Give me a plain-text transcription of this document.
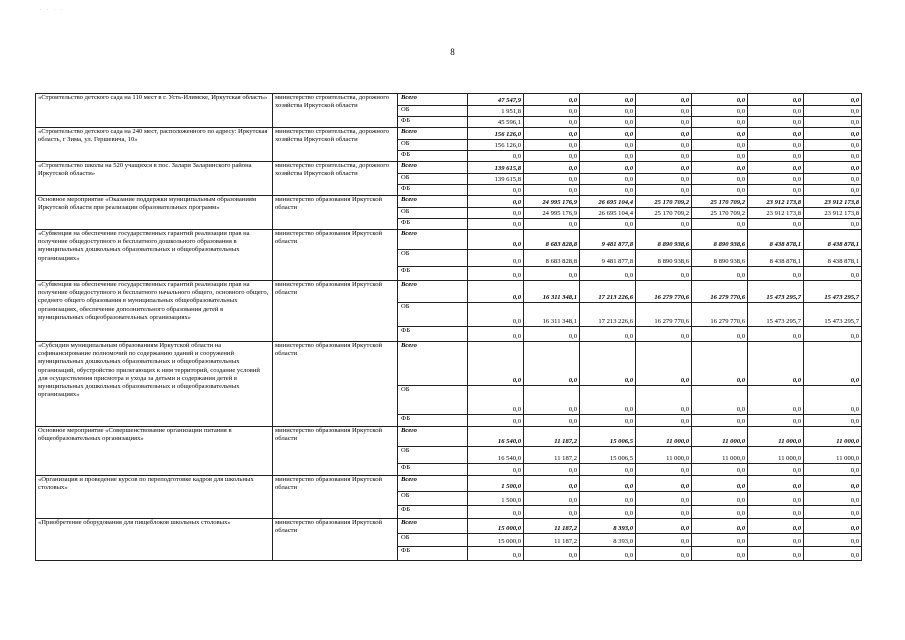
· · · ·
8
«Строительство детского сада на 110 мест в г. Усть-Илимске, Иркутская область»	министерство строительства, дорожного хозяйства Иркутской области	Всего	47 547,9	0,0	0,0	0,0	0,0	0,0	0,0
		ОБ	1 951,8	0,0	0,0	0,0	0,0	0,0	0,0
		ФБ	45 596,1	0,0	0,0	0,0	0,0	0,0	0,0
«Строительство детского сада на 240 мест, расположенного по адресу: Иркутская область, г Зима, ул. Гершевича, 10»	министерство строительства, дорожного хозяйства Иркутской области	Всего	156 126,0	0,0	0,0	0,0	0,0	0,0	0,0
		ОБ	156 126,0	0,0	0,0	0,0	0,0	0,0	0,0
		ФБ	0,0	0,0	0,0	0,0	0,0	0,0	0,0
«Строительство школы на 520 учащихся в пос. Залари Заларинского района Иркутской области»	министерство строительства, дорожного хозяйства Иркутской области	Всего	139 615,8	0,0	0,0	0,0	0,0	0,0	0,0
		ОБ	139 615,8	0,0	0,0	0,0	0,0	0,0	0,0
		ФБ	0,0	0,0	0,0	0,0	0,0	0,0	0,0
Основное мероприятие «Оказание поддержки муниципальным образованиям Иркутской области при реализации образовательных программ»	министерство образования Иркутской области	Всего	0,0	24 995 176,9	26 695 104,4	25 170 709,2	25 170 709,2	23 912 173,8	23 912 173,8
		ОБ	0,0	24 995 176,9	26 695 104,4	25 170 709,2	25 170 709,2	23 912 173,8	23 912 173,8
		ФБ	0,0	0,0	0,0	0,0	0,0	0,0	0,0
«Субвенция на обеспечение государственных гарантий реализации прав на получение общедоступного и бесплатного дошкольного образования в муниципальных дошкольных образовательных и общеобразовательных организациях»	министерство образования Иркутской области	Всего	0,0	8 683 828,8	9 481 877,8	8 890 938,6	8 890 938,6	8 438 878,1	8 438 878,1
		ОБ	0,0	8 683 828,8	9 481 877,8	8 890 938,6	8 890 938,6	8 438 878,1	8 438 878,1
		ФБ	0,0	0,0	0,0	0,0	0,0	0,0	0,0
«Субвенция на обеспечение государственных гарантий реализации прав на получение общедоступного и бесплатного начального общего, основного общего, среднего общего образования в муниципальных общеобразовательных организациях, обеспечение дополнительного образования детей в муниципальных общеобразовательных организациях»	министерство образования Иркутской области	Всего	0,0	16 311 348,1	17 213 226,6	16 279 770,6	16 279 770,6	15 473 295,7	15 473 295,7
		ОБ	0,0	16 311 348,1	17 213 226,6	16 279 770,6	16 279 770,6	15 473 295,7	15 473 295,7
		ФБ	0,0	0,0	0,0	0,0	0,0	0,0	0,0
«Субсидии муниципальным образованиям Иркутской области на софинансирование полномочий по содержанию зданий и сооружений муниципальных дошкольных образовательных и общеобразовательных организаций, обустройство прилегающих к ним территорий, создание условий для осуществления присмотра и ухода за детьми и содержания детей в муниципальных дошкольных образовательных и общеобразовательных организациях»	министерство образования Иркутской области	Всего	0,0	0,0	0,0	0,0	0,0	0,0	0,0
		ОБ	0,0	0,0	0,0	0,0	0,0	0,0	0,0
		ФБ	0,0	0,0	0,0	0,0	0,0	0,0	0,0
Основное мероприятие «Совершенствование организации питания в общеобразовательных организациях»	министерство образования Иркутской области	Всего	16 540,0	11 187,2	15 006,5	11 000,0	11 000,0	11 000,0	11 000,0
		ОБ	16 540,0	11 187,2	15 006,5	11 000,0	11 000,0	11 000,0	11 000,0
		ФБ	0,0	0,0	0,0	0,0	0,0	0,0	0,0
«Организация и проведение курсов по переподготовке кадров для школьных столовых»	министерство образования Иркутской области	Всего	1 500,0	0,0	0,0	0,0	0,0	0,0	0,0
		ОБ	1 500,0	0,0	0,0	0,0	0,0	0,0	0,0
		ФБ	0,0	0,0	0,0	0,0	0,0	0,0	0,0
«Приобретение оборудования для пищеблоков школьных столовых»	министерство образования Иркутской области	Всего	15 000,0	11 187,2	8 393,0	0,0	0,0	0,0	0,0
		ОБ	15 000,0	11 187,2	8 393,0	0,0	0,0	0,0	0,0
		ФБ	0,0	0,0	0,0	0,0	0,0	0,0	0,0
